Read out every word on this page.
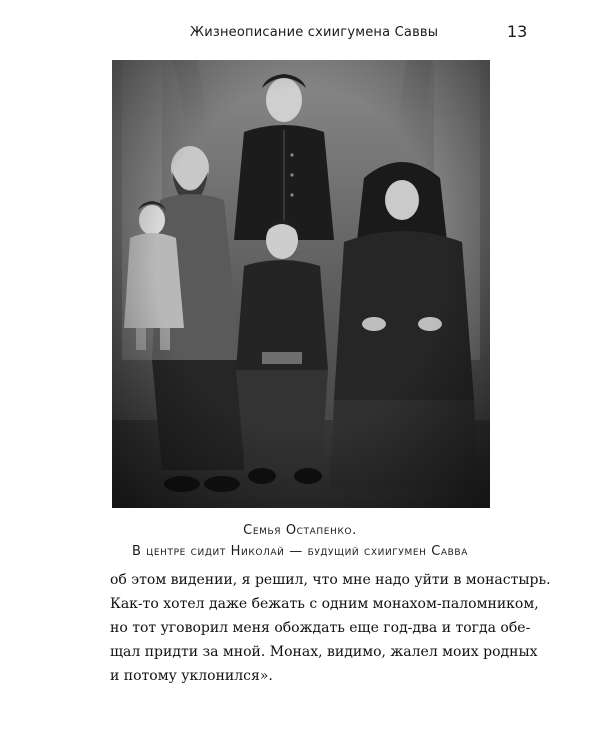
Жизнеописание схиигумена Саввы	13
Семья Остапенко.
В центре сидит Николай — будущий схиигумен Савва
об этом видении, я решил, что мне надо уйти в монастырь.
Как-то хотел даже бежать с одним монахом-паломником,
но тот уговорил меня обождать еще год-два и тогда обе-
щал придти за мной. Монах, видимо, жалел моих родных
и потому уклонился».
